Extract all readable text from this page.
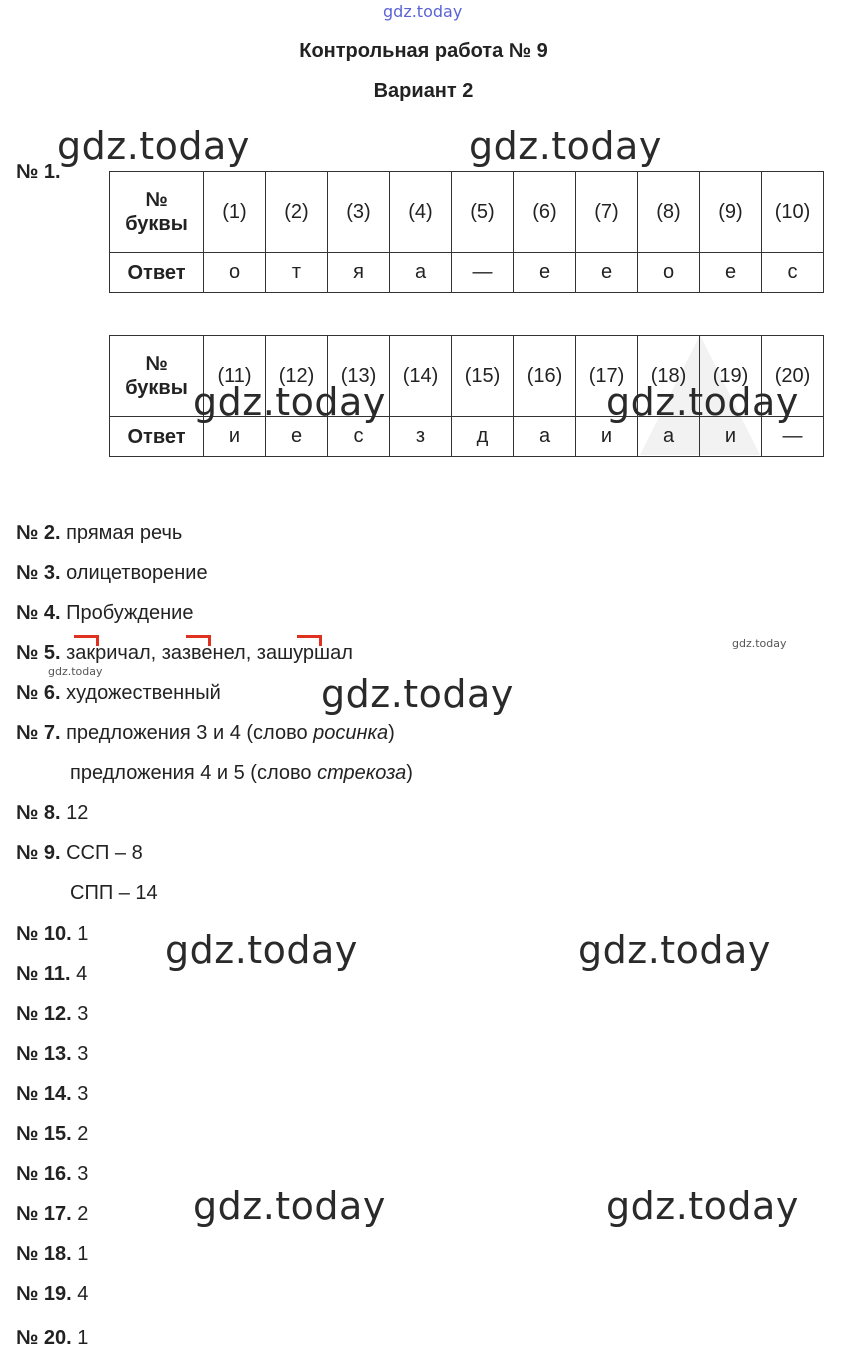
gdz.today
gdz.today	gdz.today
Контрольная работа № 9
Вариант 2
№ 1.
№
буквы	(1)	(2)	(3)	(4)	(5)	(6)	(7)	(8)	(9)	(10)
Ответ	о	т	я	а	—	е	е	о	е	с
№
буквы	(11)	(12)	(13)	(14)	(15)	(16)	(17)	(18)	(19)	(20)
Ответ	и	е	с	з	д	а	и	а	и	—
gdz.today	gdz.today
№ 2. прямая речь
№ 3. олицетворение
№ 4. Пробуждение
№ 5. закричал, зазвенел, зашуршал	gdz.today
gdz.today
№ 6. художественный	gdz.today
№ 7. предложения 3 и 4 (слово росинка)
предложения 4 и 5 (слово стрекоза)
№ 8. 12
№ 9. ССП – 8
СПП – 14
№ 10. 1 gdz.today	gdz.today
№ 11. 4
№ 12. 3
№ 13. 3
№ 14. 3
№ 15. 2
№ 16. 3
gdz.today	gdz.today
№ 17. 2
№ 18. 1
№ 19. 4
№ 20. 1
